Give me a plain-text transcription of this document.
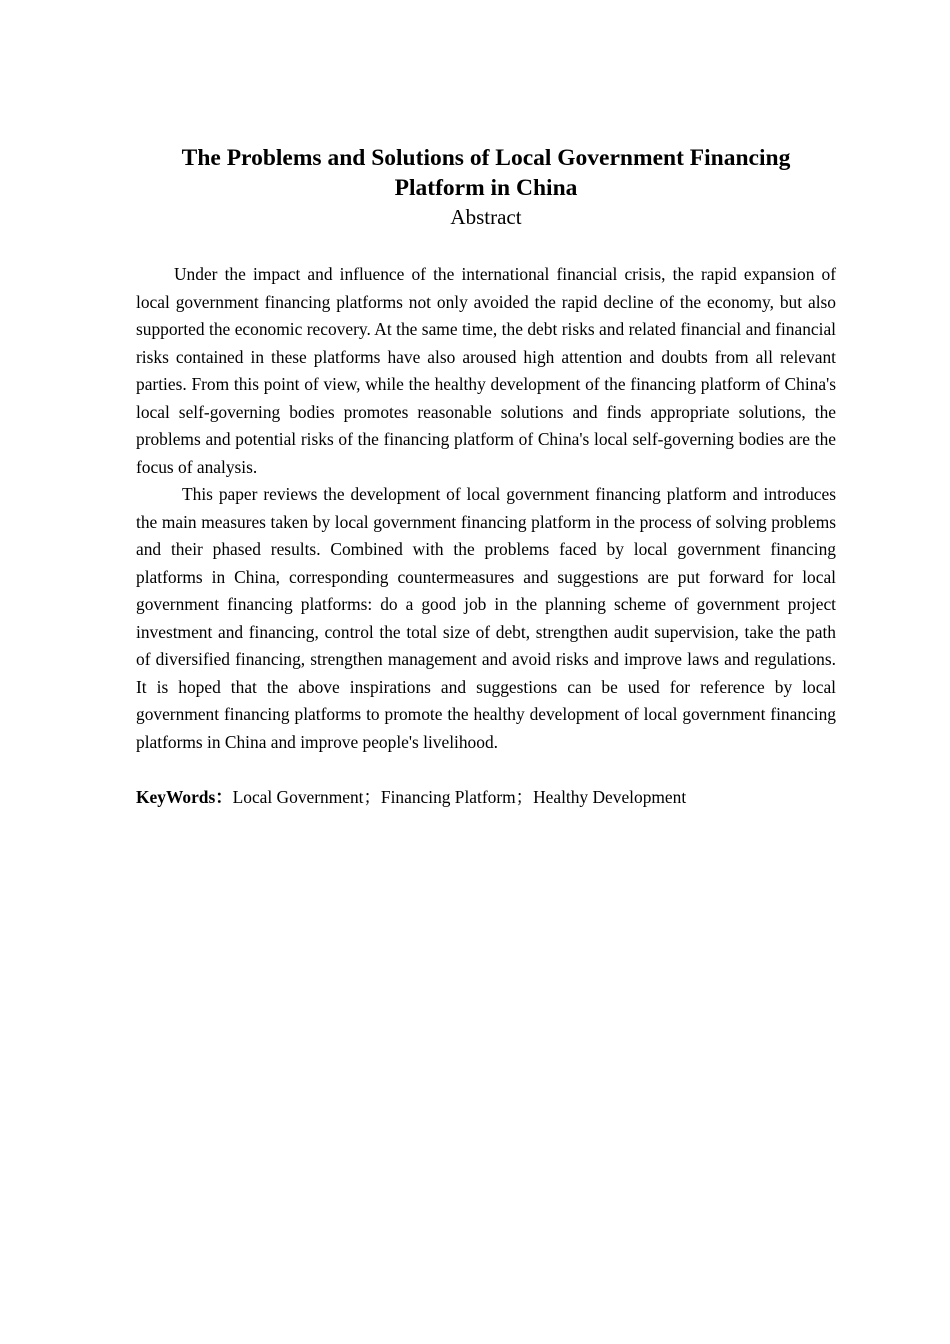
The Problems and Solutions of Local Government Financing Platform in China
Abstract

Under the impact and influence of the international financial crisis, the rapid expansion of local government financing platforms not only avoided the rapid decline of the economy, but also supported the economic recovery. At the same time, the debt risks and related financial and financial risks contained in these platforms have also aroused high attention and doubts from all relevant parties. From this point of view, while the healthy development of the financing platform of China's local self-governing bodies promotes reasonable solutions and finds appropriate solutions, the problems and potential risks of the financing platform of China's local self-governing bodies are the focus of analysis.

This paper reviews the development of local government financing platform and introduces the main measures taken by local government financing platform in the process of solving problems and their phased results. Combined with the problems faced by local government financing platforms in China, corresponding countermeasures and suggestions are put forward for local government financing platforms: do a good job in the planning scheme of government project investment and financing, control the total size of debt, strengthen audit supervision, take the path of diversified financing, strengthen management and avoid risks and improve laws and regulations. It is hoped that the above inspirations and suggestions can be used for reference by local government financing platforms to promote the healthy development of local government financing platforms in China and improve people's livelihood.

KeyWords：Local Government；Financing Platform；Healthy Development
